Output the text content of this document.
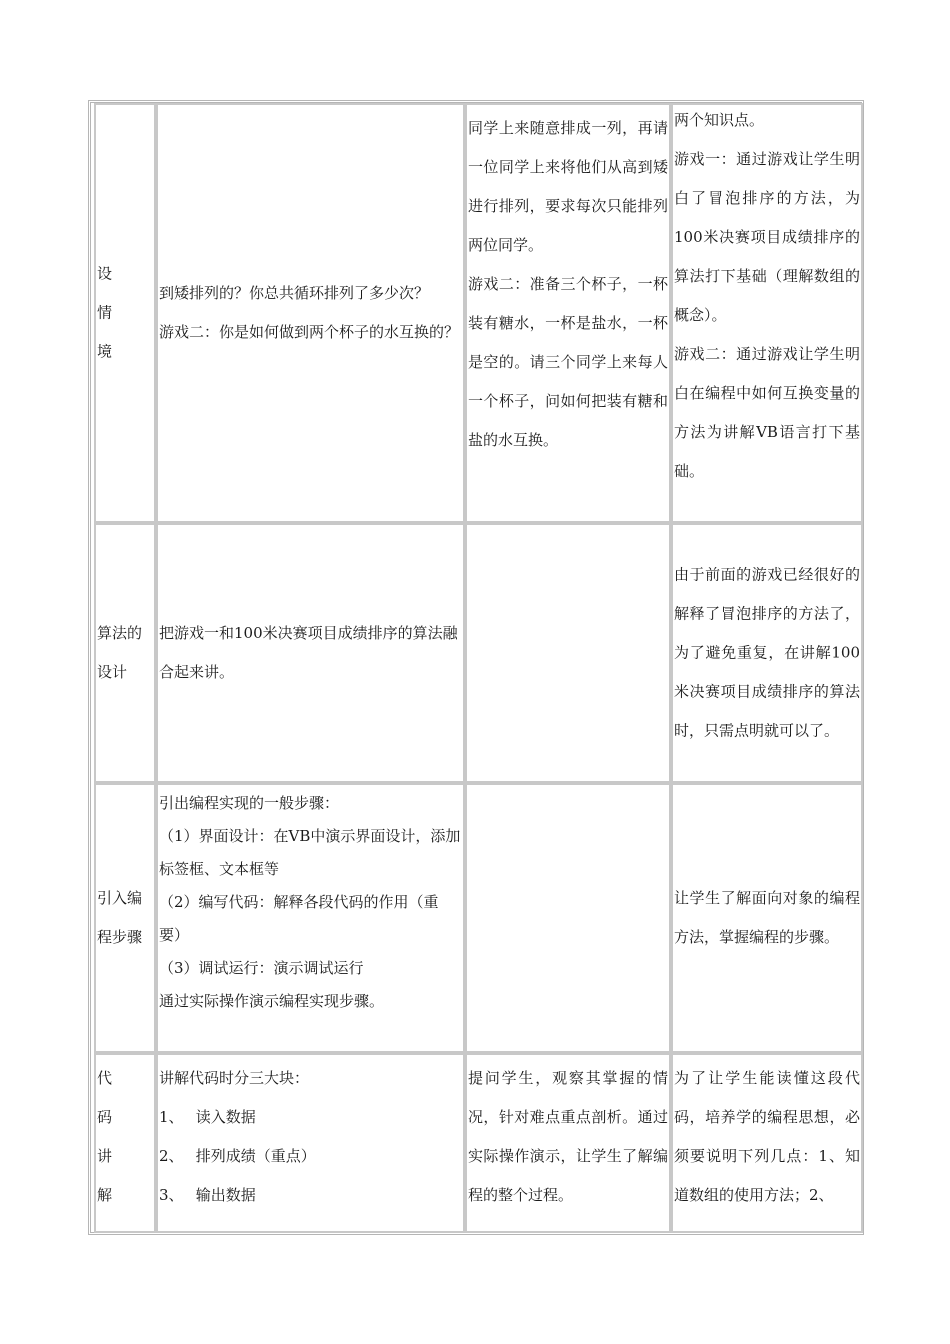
设
情
境
到矮排列的？你总共循环排列了多少次？
游戏二：你是如何做到两个杯子的水互换的？
同学上来随意排成一列，再请一位同学上来将他们从高到矮进行排列，要求每次只能排列两位同学。
游戏二：准备三个杯子，一杯装有糖水，一杯是盐水，一杯是空的。请三个同学上来每人一个杯子，问如何把装有糖和盐的水互换。
两个知识点。
游戏一：通过游戏让学生明白了冒泡排序的方法，为100米决赛项目成绩排序的算法打下基础（理解数组的概念）。
游戏二：通过游戏让学生明白在编程中如何互换变量的方法为讲解VB语言打下基础。
算法的
设计
把游戏一和100米决赛项目成绩排序的算法融合起来讲。
由于前面的游戏已经很好的解释了冒泡排序的方法了，为了避免重复，在讲解100米决赛项目成绩排序的算法时，只需点明就可以了。
引入编
程步骤
引出编程实现的一般步骤：
（1）界面设计：在VB中演示界面设计，添加标签框、文本框等
（2）编写代码：解释各段代码的作用（重要）
（3）调试运行：演示调试运行
通过实际操作演示编程实现步骤。
让学生了解面向对象的编程方法，掌握编程的步骤。
代
码
讲
解
讲解代码时分三大块：
1、　 读入数据
2、　 排列成绩（重点）
3、　 输出数据
提问学生，观察其掌握的情况，针对难点重点剖析。通过实际操作演示，让学生了解编程的整个过程。
为了让学生能读懂这段代码，培养学的编程思想，必须要说明下列几点：1、知道数组的使用方法；2、
